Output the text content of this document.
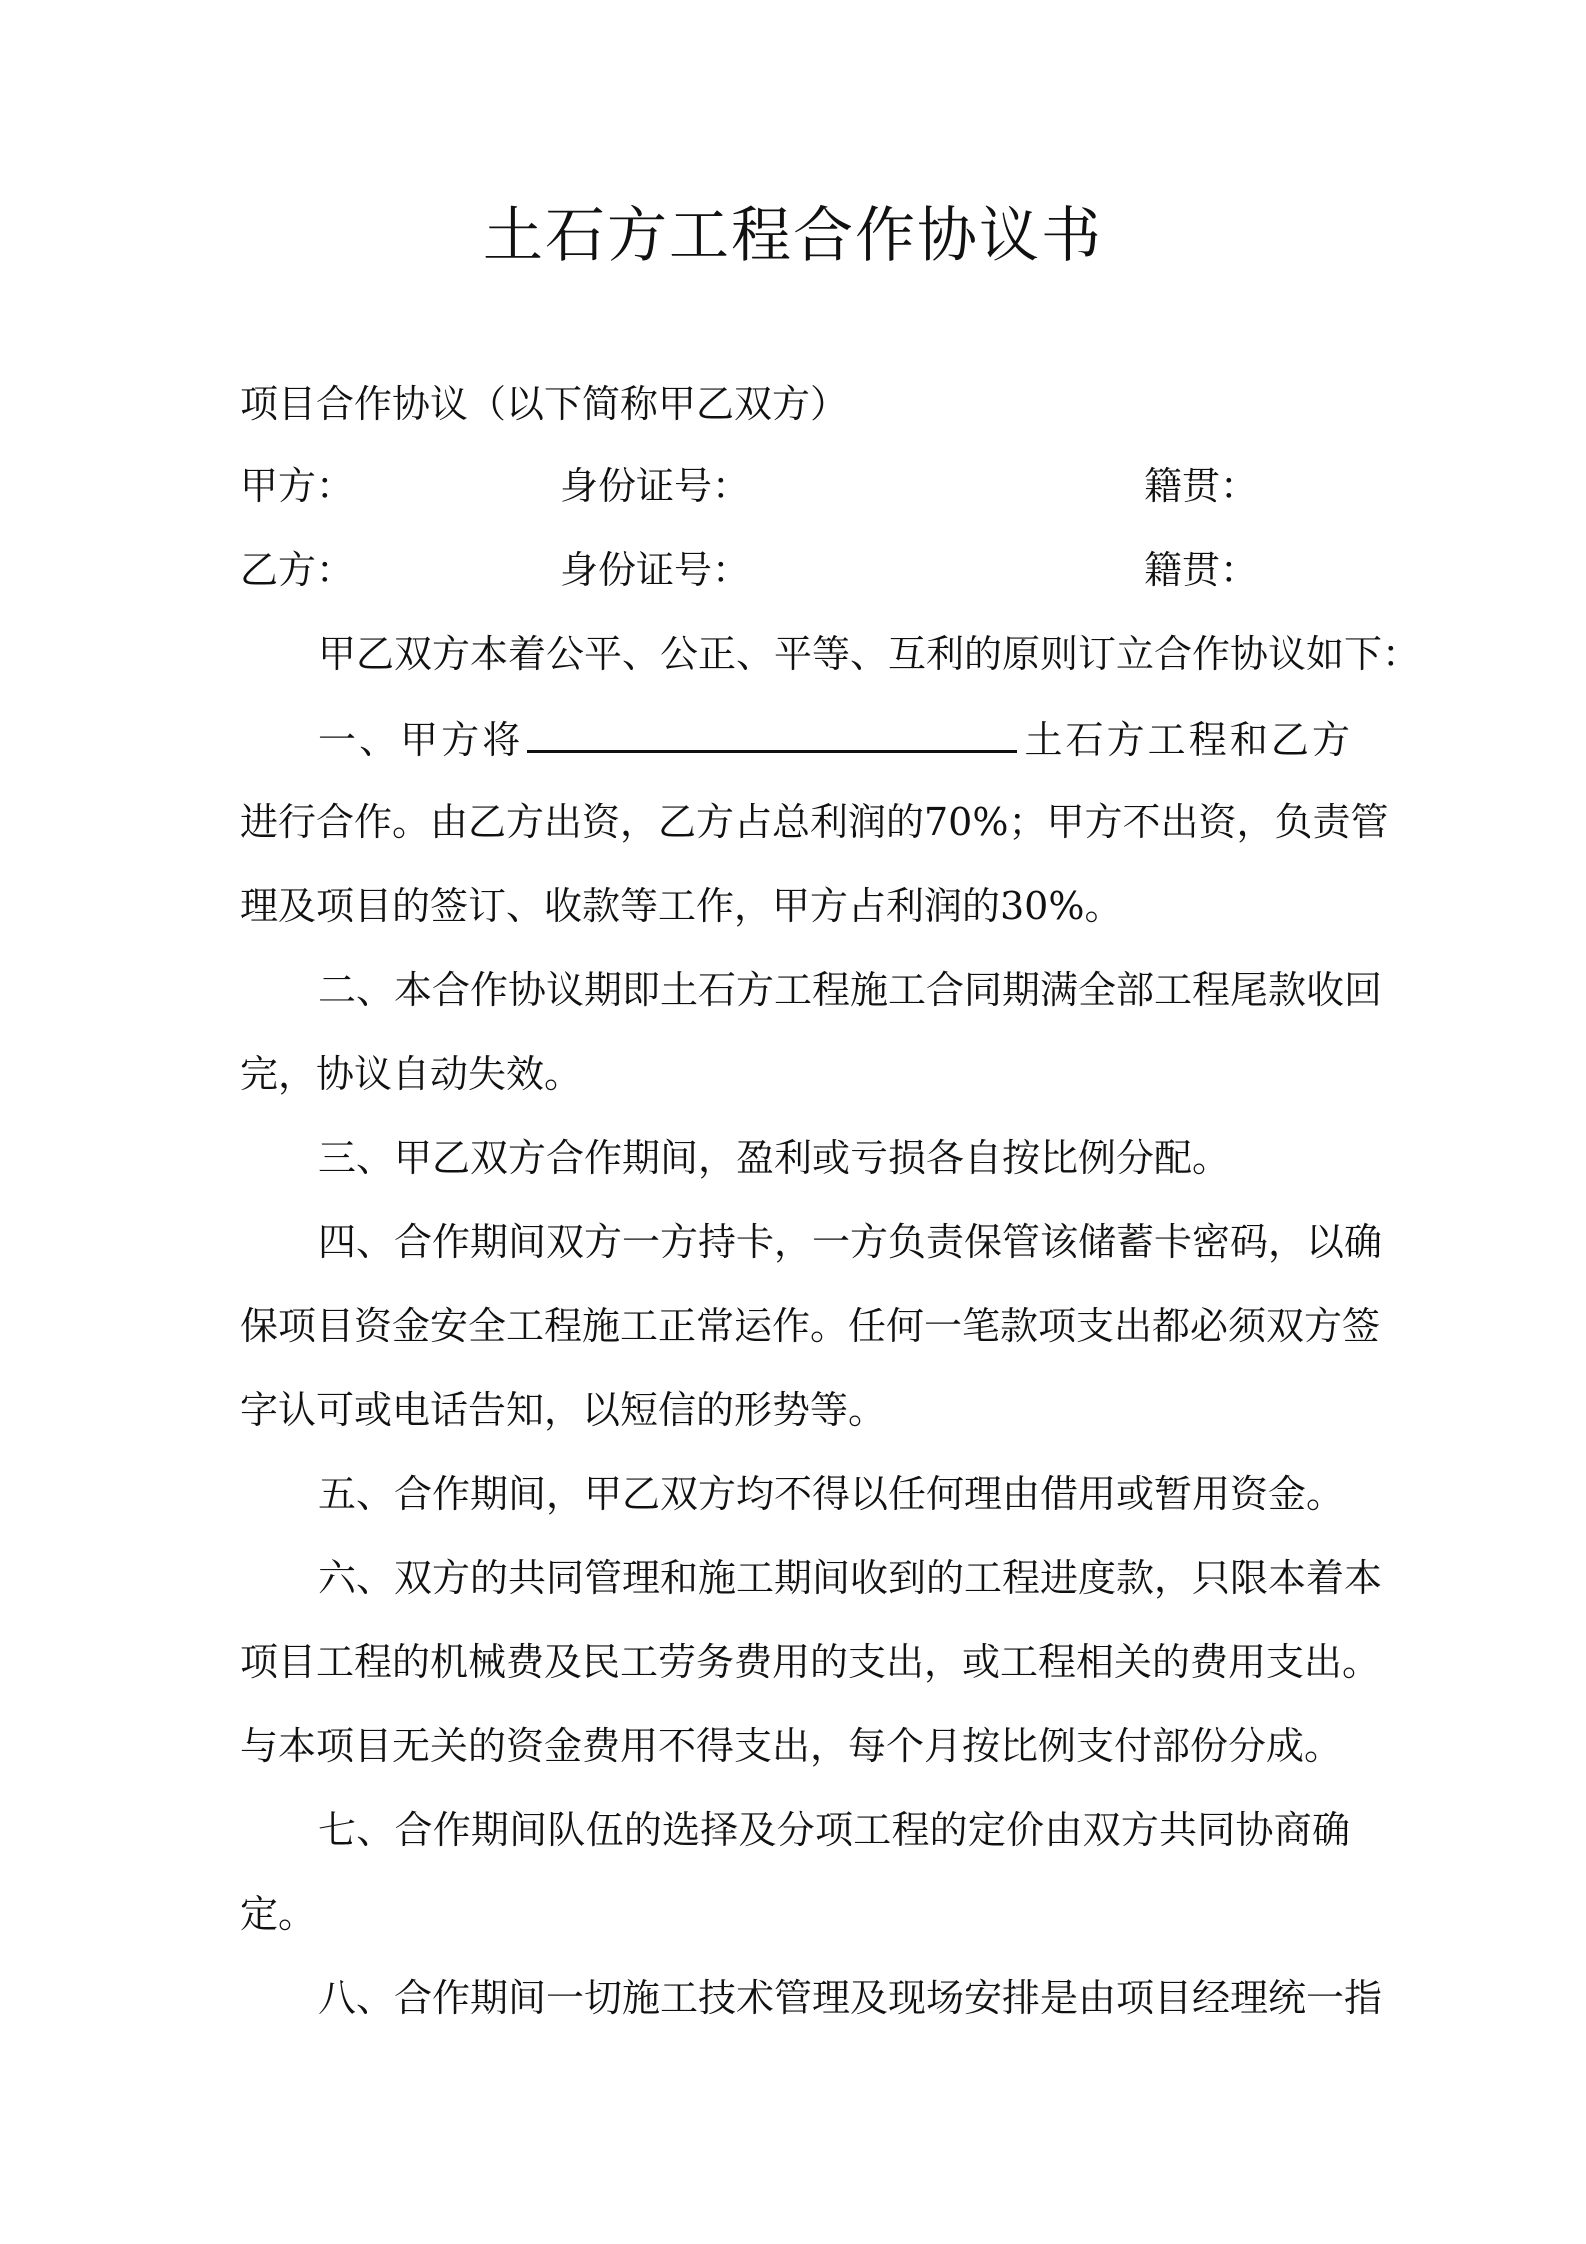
土石方工程合作协议书
项目合作协议（以下简称甲乙双方）
甲方：	身份证号：	籍贯：
乙方：	身份证号：	籍贯：
甲乙双方本着公平、公正、平等、互利的原则订立合作协议如下：
一、甲方将	土石方工程和乙方
进行合作。由乙方出资，乙方占总利润的70%；甲方不出资，负责管
理及项目的签订、收款等工作，甲方占利润的30%。
二、本合作协议期即土石方工程施工合同期满全部工程尾款收回
完，协议自动失效。
三、甲乙双方合作期间，盈利或亏损各自按比例分配。
四、合作期间双方一方持卡，一方负责保管该储蓄卡密码，以确
保项目资金安全工程施工正常运作。任何一笔款项支出都必须双方签
字认可或电话告知，以短信的形势等。
五、合作期间，甲乙双方均不得以任何理由借用或暂用资金。
六、双方的共同管理和施工期间收到的工程进度款，只限本着本
项目工程的机械费及民工劳务费用的支出，或工程相关的费用支出。
与本项目无关的资金费用不得支出，每个月按比例支付部份分成。
七、合作期间队伍的选择及分项工程的定价由双方共同协商确
定。
八、合作期间一切施工技术管理及现场安排是由项目经理统一指
